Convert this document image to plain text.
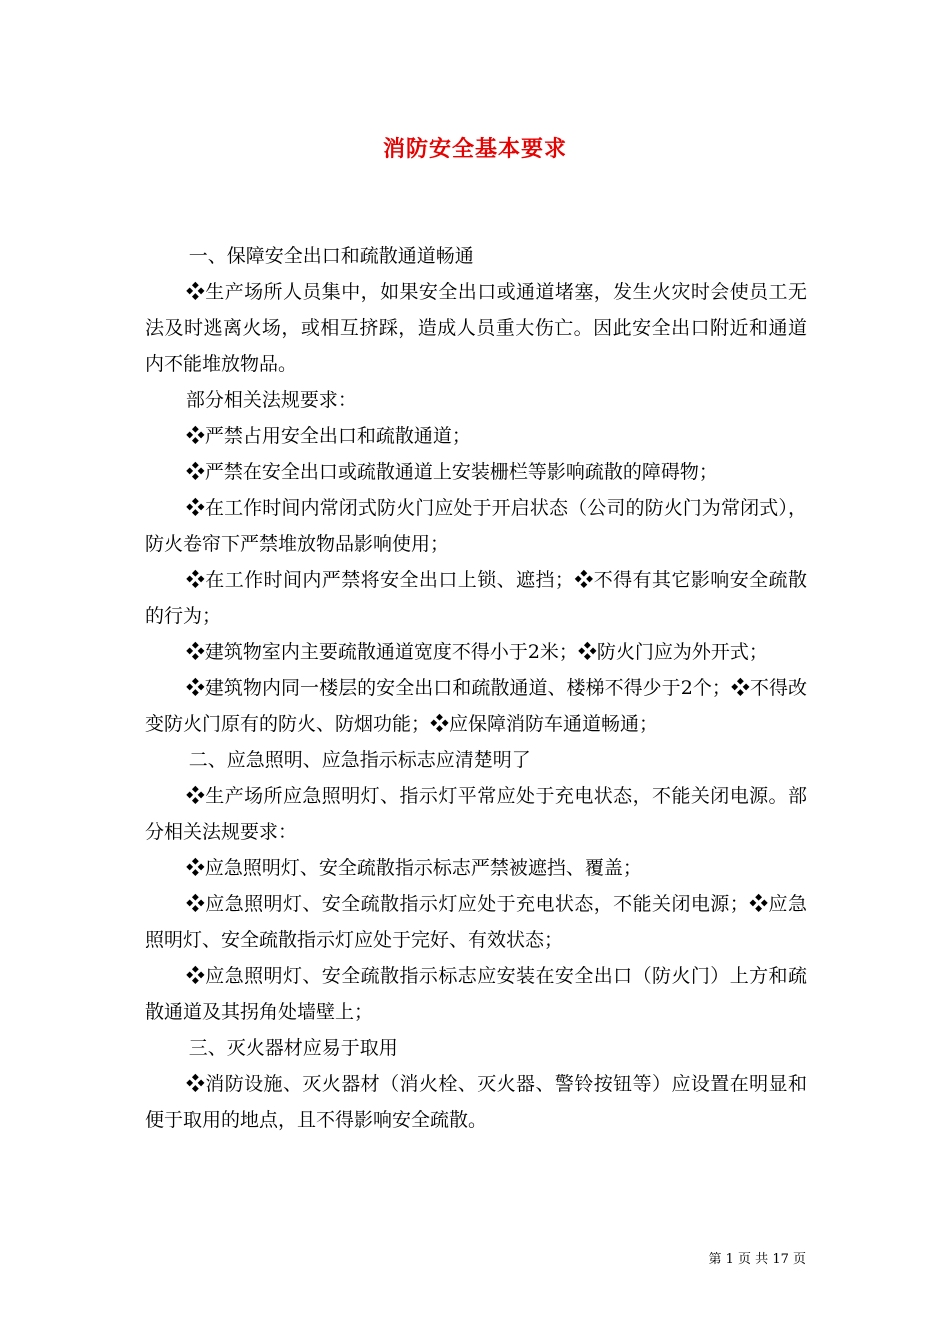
消防安全基本要求

一、保障安全出口和疏散通道畅通

❖生产场所人员集中，如果安全出口或通道堵塞，发生火灾时会使员工无法及时逃离火场，或相互挤踩，造成人员重大伤亡。因此安全出口附近和通道内不能堆放物品。

部分相关法规要求：

❖严禁占用安全出口和疏散通道；

❖严禁在安全出口或疏散通道上安装栅栏等影响疏散的障碍物；

❖在工作时间内常闭式防火门应处于开启状态（公司的防火门为常闭式），防火卷帘下严禁堆放物品影响使用；

❖在工作时间内严禁将安全出口上锁、遮挡；❖不得有其它影响安全疏散的行为；

❖建筑物室内主要疏散通道宽度不得小于2米；❖防火门应为外开式；

❖建筑物内同一楼层的安全出口和疏散通道、楼梯不得少于2个；❖不得改变防火门原有的防火、防烟功能；❖应保障消防车通道畅通；

二、应急照明、应急指示标志应清楚明了

❖生产场所应急照明灯、指示灯平常应处于充电状态，不能关闭电源。部分相关法规要求：

❖应急照明灯、安全疏散指示标志严禁被遮挡、覆盖；

❖应急照明灯、安全疏散指示灯应处于充电状态，不能关闭电源；❖应急照明灯、安全疏散指示灯应处于完好、有效状态；

❖应急照明灯、安全疏散指示标志应安装在安全出口（防火门）上方和疏散通道及其拐角处墙壁上；

三、灭火器材应易于取用

❖消防设施、灭火器材（消火栓、灭火器、警铃按钮等）应设置在明显和便于取用的地点，且不得影响安全疏散。

第 1 页 共 17 页
